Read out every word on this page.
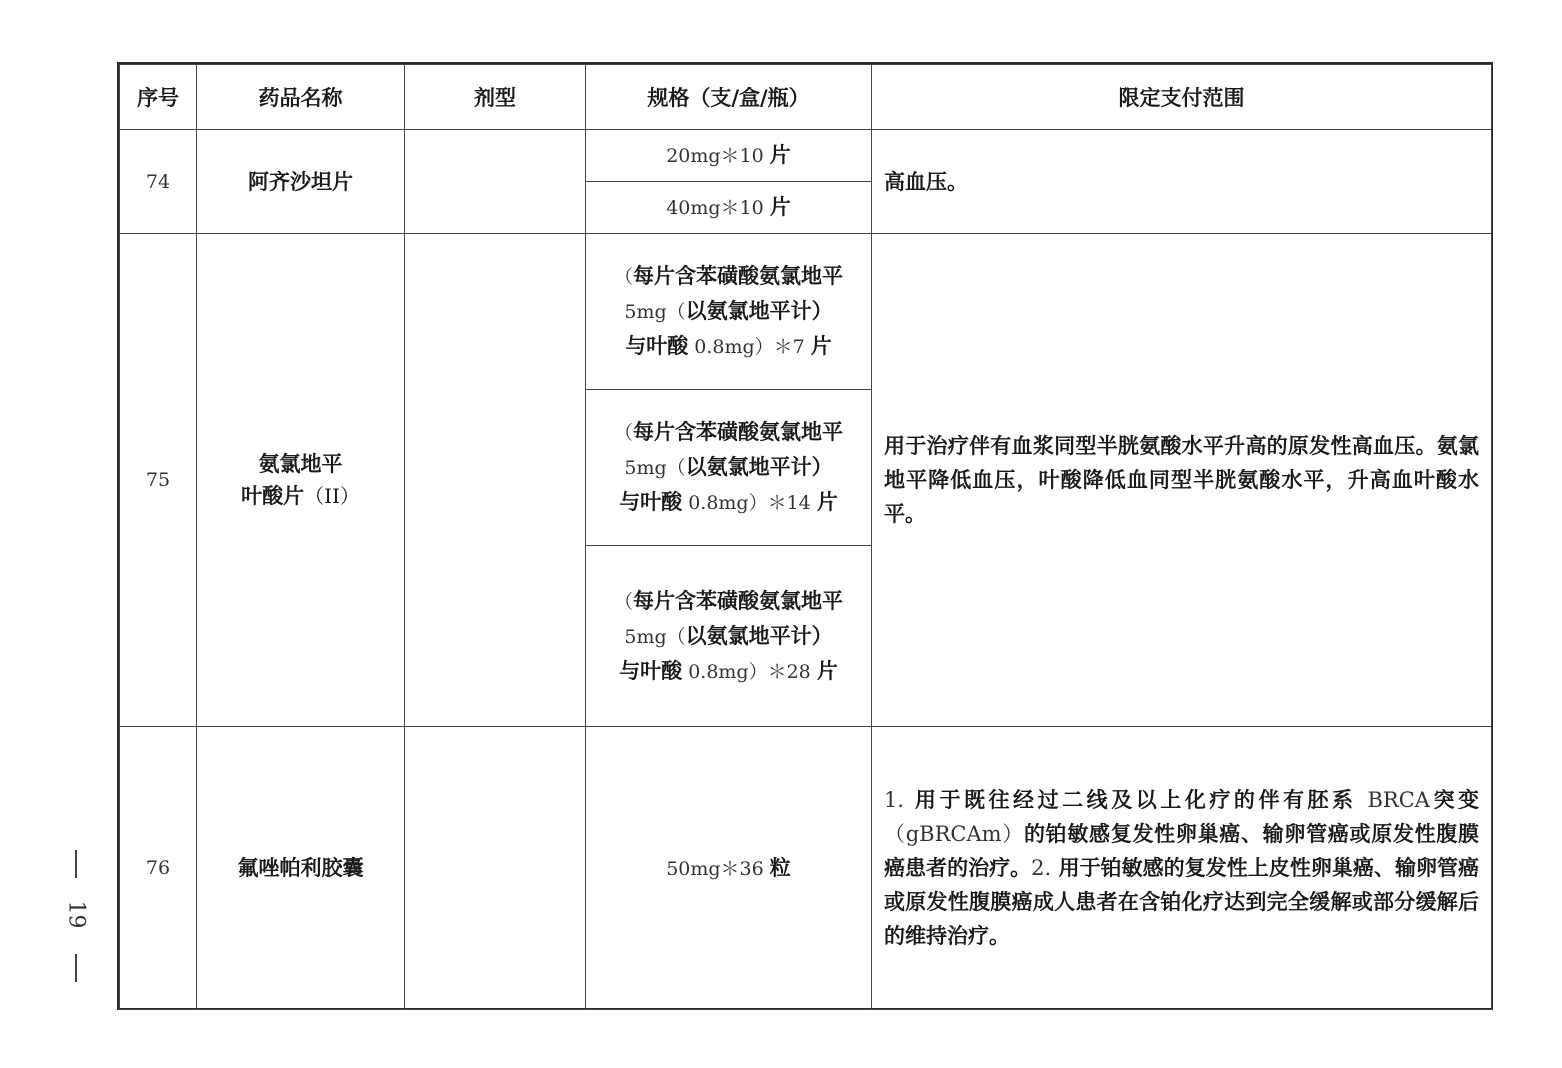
序号	药品名称	剂型	规格（支/盒/瓶）	限定支付范围
74	阿齐沙坦片		20mg＊10 片	高血压。
			40mg＊10 片	
75	氨氯地平
叶酸片（II）		（每片含苯磺酸氨氯地平
5mg（以氨氯地平计）
与叶酸 0.8mg）＊7 片	用于治疗伴有血浆同型半胱氨酸水平升高的原发性高血压。氨氯地平降低血压，叶酸降低血同型半胱氨酸水平，升高血叶酸水平。
			（每片含苯磺酸氨氯地平
5mg（以氨氯地平计）
与叶酸 0.8mg）＊14 片	
			（每片含苯磺酸氨氯地平
5mg（以氨氯地平计）
与叶酸 0.8mg）＊28 片	
76	氟唑帕利胶囊		50mg＊36 粒	1. 用于既往经过二线及以上化疗的伴有胚系 BRCA突变（gBRCAm）的铂敏感复发性卵巢癌、输卵管癌或原发性腹膜癌患者的治疗。2. 用于铂敏感的复发性上皮性卵巢癌、输卵管癌或原发性腹膜癌成人患者在含铂化疗达到完全缓解或部分缓解后的维持治疗。
19
